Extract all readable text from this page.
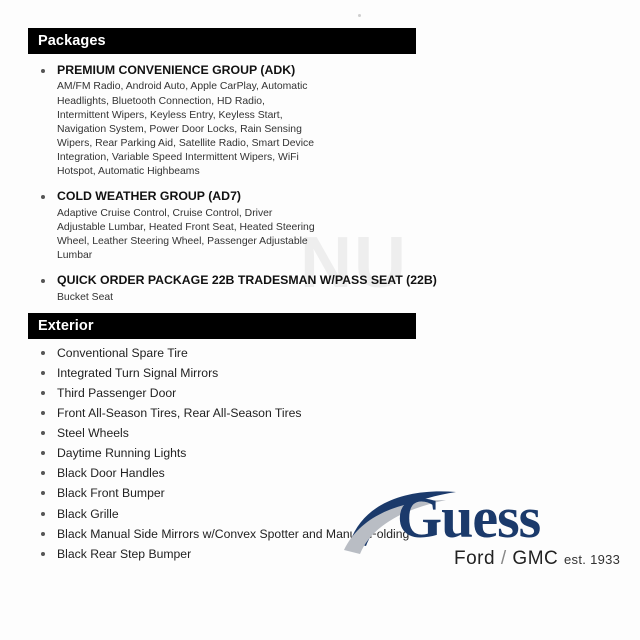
NU
Packages
PREMIUM CONVENIENCE GROUP (ADK)
AM/FM Radio, Android Auto, Apple CarPlay, Automatic Headlights, Bluetooth Connection, HD Radio, Intermittent Wipers, Keyless Entry, Keyless Start, Navigation System, Power Door Locks, Rain Sensing Wipers, Rear Parking Aid, Satellite Radio, Smart Device Integration, Variable Speed Intermittent Wipers, WiFi Hotspot, Automatic Highbeams
COLD WEATHER GROUP (AD7)
Adaptive Cruise Control, Cruise Control, Driver Adjustable Lumbar, Heated Front Seat, Heated Steering Wheel, Leather Steering Wheel, Passenger Adjustable Lumbar
QUICK ORDER PACKAGE 22B TRADESMAN W/PASS SEAT (22B)
Bucket Seat
Exterior
Conventional Spare Tire
Integrated Turn Signal Mirrors
Third Passenger Door
Front All-Season Tires, Rear All-Season Tires
Steel Wheels
Daytime Running Lights
Black Door Handles
Black Front Bumper
Black Grille
Black Manual Side Mirrors w/Convex Spotter and Manual Folding
Black Rear Step Bumper
Guess
Ford / GMC est. 1933
